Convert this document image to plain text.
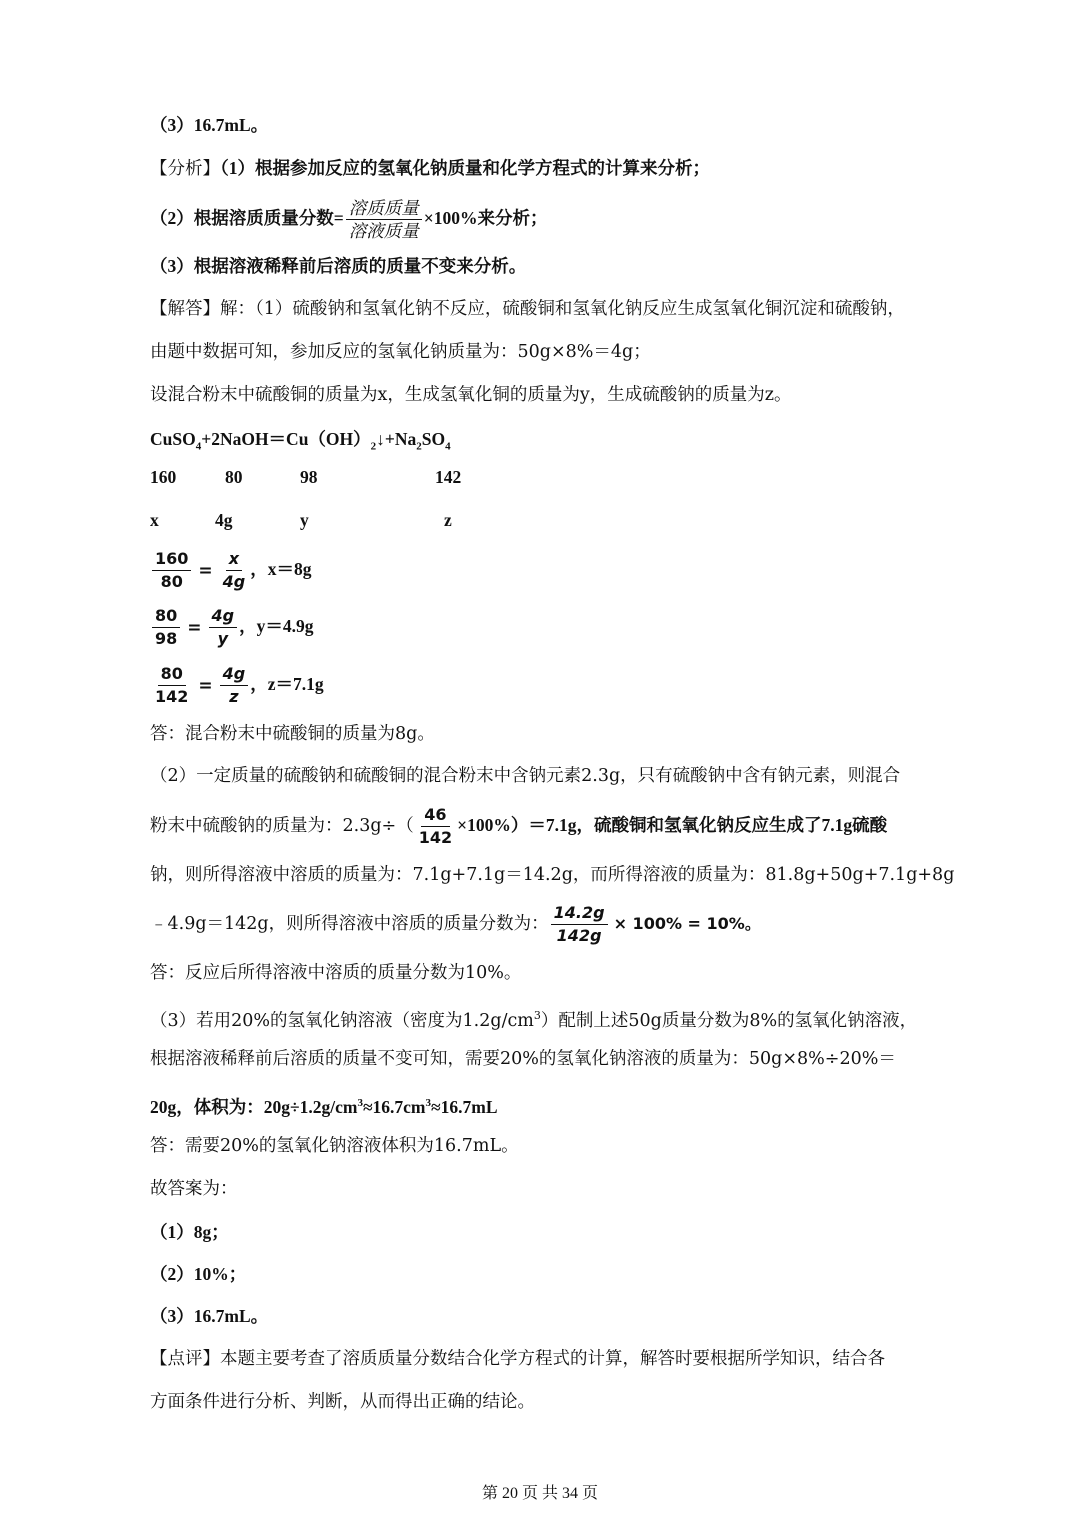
（3）16.7mL。
【分析】（1）根据参加反应的氢氧化钠质量和化学方程式的计算来分析；
（2）根据溶质质量分数= $\frac{\text{溶质质量}}{\text{溶液质量}} \times 100\%$来分析；
（3）根据溶液稀释前后溶质的质量不变来分析。
【解答】解：（1）硫酸钠和氢氧化钠不反应，硫酸铜和氢氧化钠反应生成氢氧化铜沉淀和硫酸钠，
由题中数据可知，参加反应的氢氧化钠质量为：50g×8%＝4g；
设混合粉末中硫酸铜的质量为x，生成氢氧化铜的质量为y，生成硫酸钠的质量为z。
$CuSO_4+2NaOH=Cu(OH)_2↓+Na_2SO_4$
160	80	98	142
x	4g	y	z
$\frac{160}{80} = \frac{x}{4g}$ ，x＝8g
$\frac{80}{98} = \frac{4g}{y}$ ，y＝4.9g
$\frac{80}{142} = \frac{4g}{z}$ ，z＝7.1g
答：混合粉末中硫酸铜的质量为8g。
（2）一定质量的硫酸钠和硫酸铜的混合粉末中含钠元素2.3g，只有硫酸钠中含有钠元素，则混合
粉末中硫酸钠的质量为：$2.3g\div( \frac{46}{142} \times 100\%)=7.1g$，硫酸铜和氢氧化钠反应生成了7.1g硫酸
钠，则所得溶液中溶质的质量为：7.1g+7.1g＝14.2g，而所得溶液的质量为：81.8g+50g+7.1g+8g
﹣4.9g＝142g，则所得溶液中溶质的质量分数为： $\frac{14.2g}{142g} \times 100\% = 10\%$。
答：反应后所得溶液中溶质的质量分数为10%。
（3）若用20%的氢氧化钠溶液（密度为$1.2g/cm^3$）配制上述50g质量分数为8%的氢氧化钠溶液，
根据溶液稀释前后溶质的质量不变可知，需要20%的氢氧化钠溶液的质量为：50g×8%÷20%＝
20g，体积为：$20g\div 1.2g/cm^3\approx 16.7cm^3\approx 16.7mL$
答：需要20%的氢氧化钠溶液体积为16.7mL。
故答案为：
（1）8g；
（2）10%；
（3）16.7mL。
【点评】本题主要考查了溶质质量分数结合化学方程式的计算，解答时要根据所学知识，结合各
方面条件进行分析、判断，从而得出正确的结论。
第 20 页 共 34 页
